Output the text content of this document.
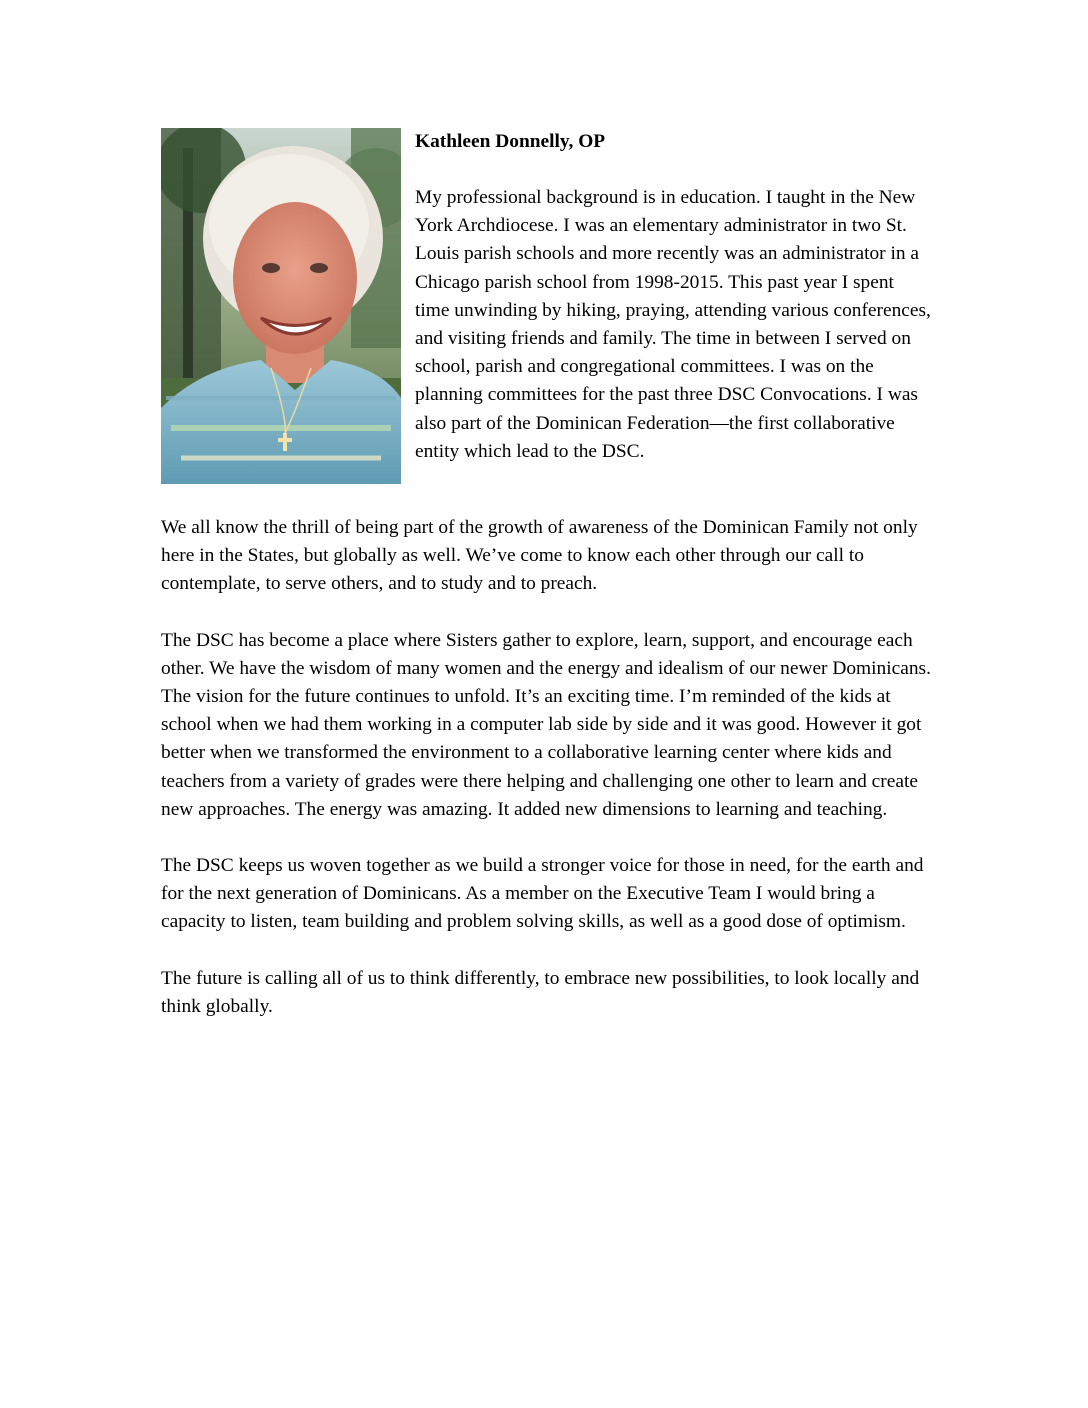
Kathleen Donnelly, OP

My professional background is in education. I taught in the New York Archdiocese. I was an elementary administrator in two St. Louis parish schools and more recently was an administrator in a Chicago parish school from 1998-2015. This past year I spent time unwinding by hiking, praying, attending various conferences, and visiting friends and family. The time in between I served on school, parish and congregational committees. I was on the planning committees for the past three DSC Convocations. I was also part of the Dominican Federation—the first collaborative entity which lead to the DSC.

We all know the thrill of being part of the growth of awareness of the Dominican Family not only here in the States, but globally as well. We’ve come to know each other through our call to contemplate, to serve others, and to study and to preach.

The DSC has become a place where Sisters gather to explore, learn, support, and encourage each other. We have the wisdom of many women and the energy and idealism of our newer Dominicans. The vision for the future continues to unfold. It’s an exciting time. I’m reminded of the kids at school when we had them working in a computer lab side by side and it was good. However it got better when we transformed the environment to a collaborative learning center where kids and teachers from a variety of grades were there helping and challenging one other to learn and create new approaches. The energy was amazing. It added new dimensions to learning and teaching.

The DSC keeps us woven together as we build a stronger voice for those in need, for the earth and for the next generation of Dominicans. As a member on the Executive Team I would bring a capacity to listen, team building and problem solving skills, as well as a good dose of optimism.

The future is calling all of us to think differently, to embrace new possibilities, to look locally and think globally.
